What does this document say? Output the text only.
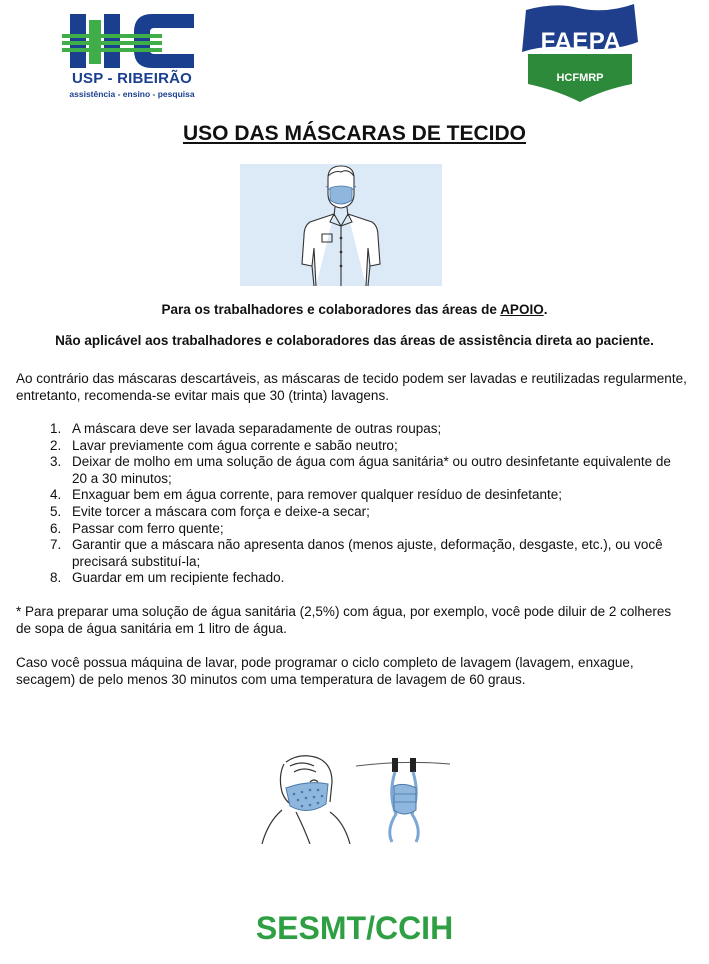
USP - RIBEIRÃO
assistência - ensino - pesquisa
FAEPA
HCFMRP
USO DAS MÁSCARAS DE TECIDO
Para os trabalhadores e colaboradores das áreas de APOIO.
Não aplicável aos trabalhadores e colaboradores das áreas de assistência direta ao paciente.

Ao contrário das máscaras descartáveis, as máscaras de tecido podem ser lavadas e reutilizadas regularmente, entretanto, recomenda-se evitar mais que 30 (trinta) lavagens.

1. A máscara deve ser lavada separadamente de outras roupas;
2. Lavar previamente com água corrente e sabão neutro;
3. Deixar de molho em uma solução de água com água sanitária* ou outro desinfetante equivalente de 20 a 30 minutos;
4. Enxaguar bem em água corrente, para remover qualquer resíduo de desinfetante;
5. Evite torcer a máscara com força e deixe-a secar;
6. Passar com ferro quente;
7. Garantir que a máscara não apresenta danos (menos ajuste, deformação, desgaste, etc.), ou você precisará substituí-la;
8. Guardar em um recipiente fechado.

* Para preparar uma solução de água sanitária (2,5%) com água, por exemplo, você pode diluir de 2 colheres de sopa de água sanitária em 1 litro de água.

Caso você possua máquina de lavar, pode programar o ciclo completo de lavagem (lavagem, enxague, secagem) de pelo menos 30 minutos com uma temperatura de lavagem de 60 graus.

SESMT/CCIH
